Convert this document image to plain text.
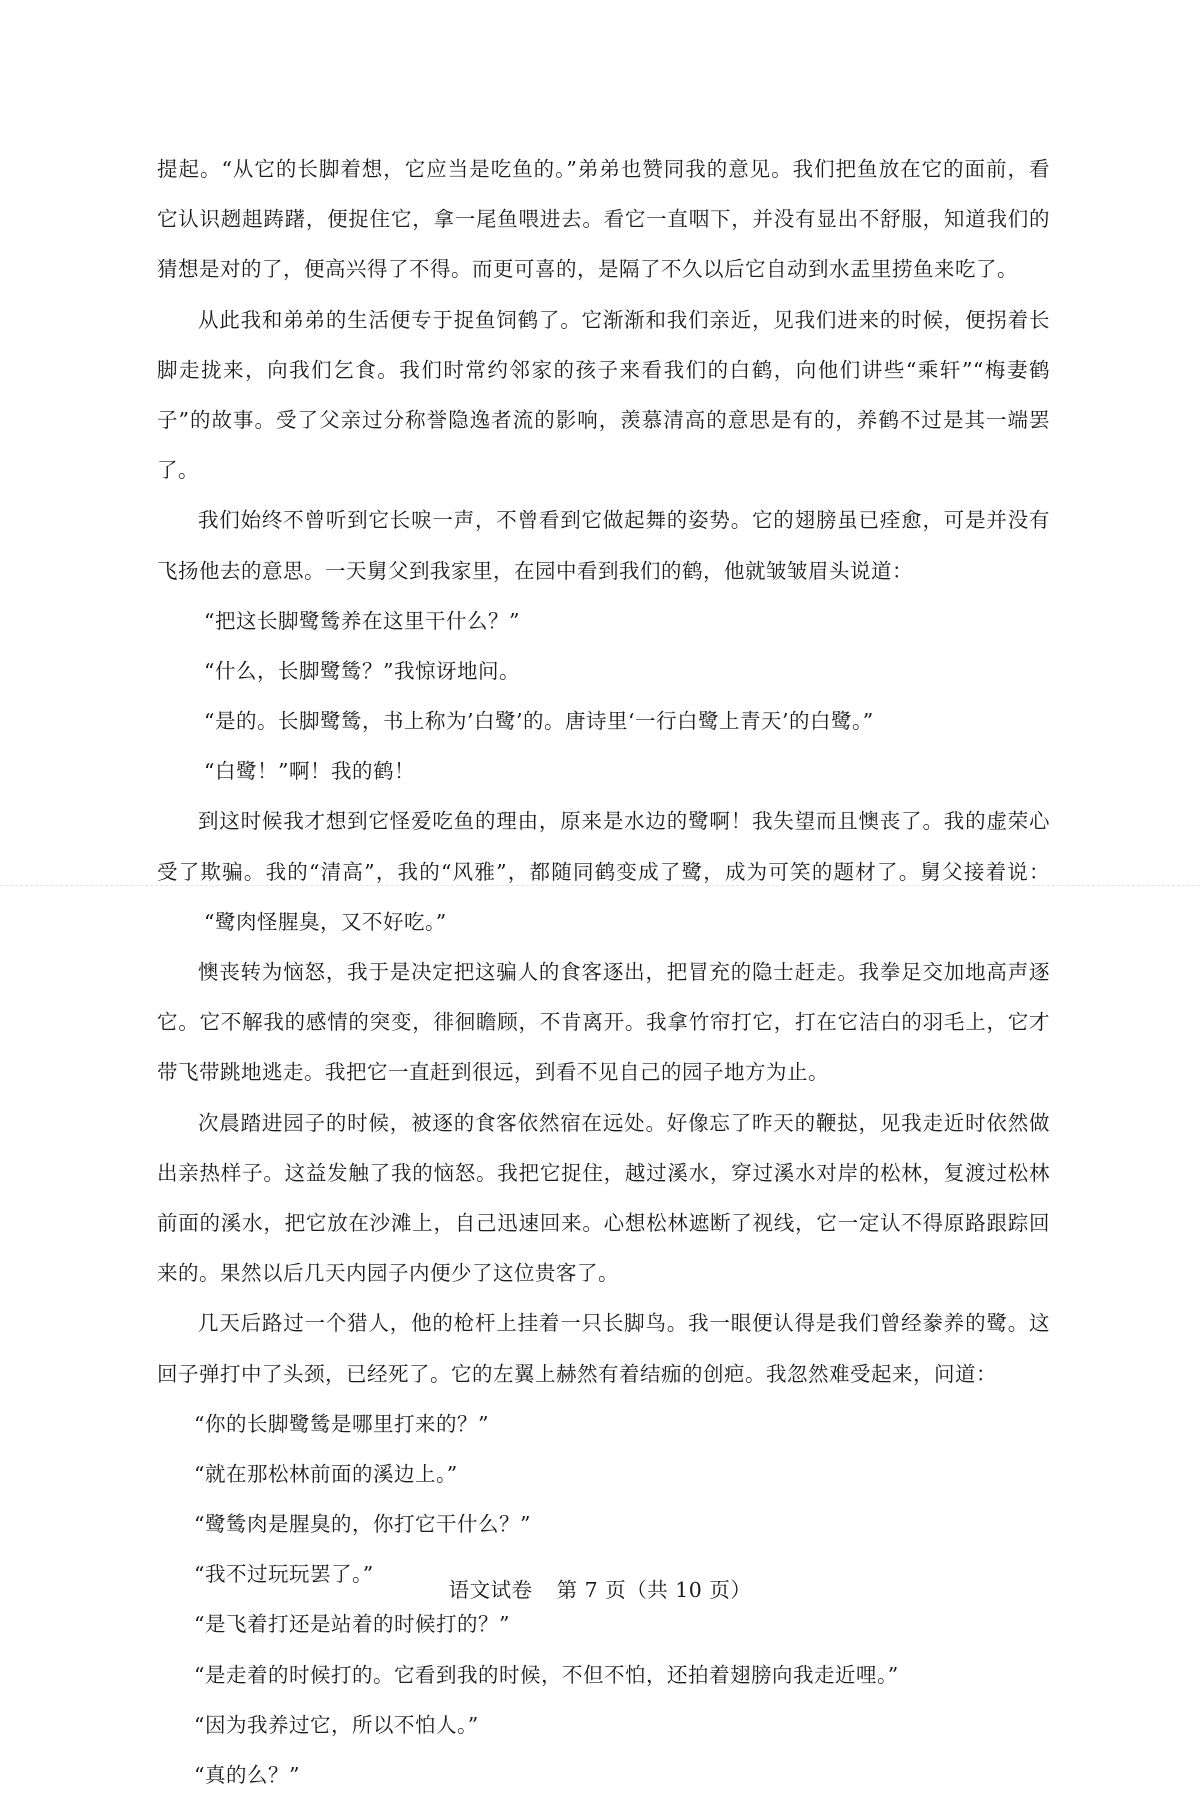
提起。“从它的长脚着想，它应当是吃鱼的。”弟弟也赞同我的意见。我们把鱼放在它的面前，看
它认识趔趄踌躇，便捉住它，拿一尾鱼喂进去。看它一直咽下，并没有显出不舒服，知道我们的
猜想是对的了，便高兴得了不得。而更可喜的，是隔了不久以后它自动到水盂里捞鱼来吃了。
从此我和弟弟的生活便专于捉鱼饲鹤了。它渐渐和我们亲近，见我们进来的时候，便拐着长
脚走拢来，向我们乞食。我们时常约邻家的孩子来看我们的白鹤，向他们讲些“乘轩”“梅妻鹤
子”的故事。受了父亲过分称誉隐逸者流的影响，羡慕清高的意思是有的，养鹤不过是其一端罢
了。
我们始终不曾听到它长唳一声，不曾看到它做起舞的姿势。它的翅膀虽已痊愈，可是并没有
飞扬他去的意思。一天舅父到我家里，在园中看到我们的鹤，他就皱皱眉头说道：
“把这长脚鹭鸶养在这里干什么？”
“什么，长脚鹭鸶？”我惊讶地问。
“是的。长脚鹭鸶，书上称为’白鹭’的。唐诗里‘一行白鹭上青天’的白鹭。”
“白鹭！”啊！我的鹤！
到这时候我才想到它怪爱吃鱼的理由，原来是水边的鹭啊！我失望而且懊丧了。我的虚荣心
受了欺骗。我的“清高”，我的“风雅”，都随同鹤变成了鹭，成为可笑的题材了。舅父接着说：
“鹭肉怪腥臭，又不好吃。”
懊丧转为恼怒，我于是决定把这骗人的食客逐出，把冒充的隐士赶走。我拳足交加地高声逐
它。它不解我的感情的突变，徘徊瞻顾，不肯离开。我拿竹帘打它，打在它洁白的羽毛上，它才
带飞带跳地逃走。我把它一直赶到很远，到看不见自己的园子地方为止。
次晨踏进园子的时候，被逐的食客依然宿在远处。好像忘了昨天的鞭挞，见我走近时依然做
出亲热样子。这益发触了我的恼怒。我把它捉住，越过溪水，穿过溪水对岸的松林，复渡过松林
前面的溪水，把它放在沙滩上，自己迅速回来。心想松林遮断了视线，它一定认不得原路跟踪回
来的。果然以后几天内园子内便少了这位贵客了。
几天后路过一个猎人，他的枪杆上挂着一只长脚鸟。我一眼便认得是我们曾经豢养的鹭。这
回子弹打中了头颈，已经死了。它的左翼上赫然有着结痂的创疤。我忽然难受起来，问道：
“你的长脚鹭鸶是哪里打来的？”
“就在那松林前面的溪边上。”
“鹭鸶肉是腥臭的，你打它干什么？”
“我不过玩玩罢了。”
“是飞着打还是站着的时候打的？”
“是走着的时候打的。它看到我的时候，不但不怕，还拍着翅膀向我走近哩。”
“因为我养过它，所以不怕人。”
“真的么？”
语文试卷 第 7 页（共 10 页）
